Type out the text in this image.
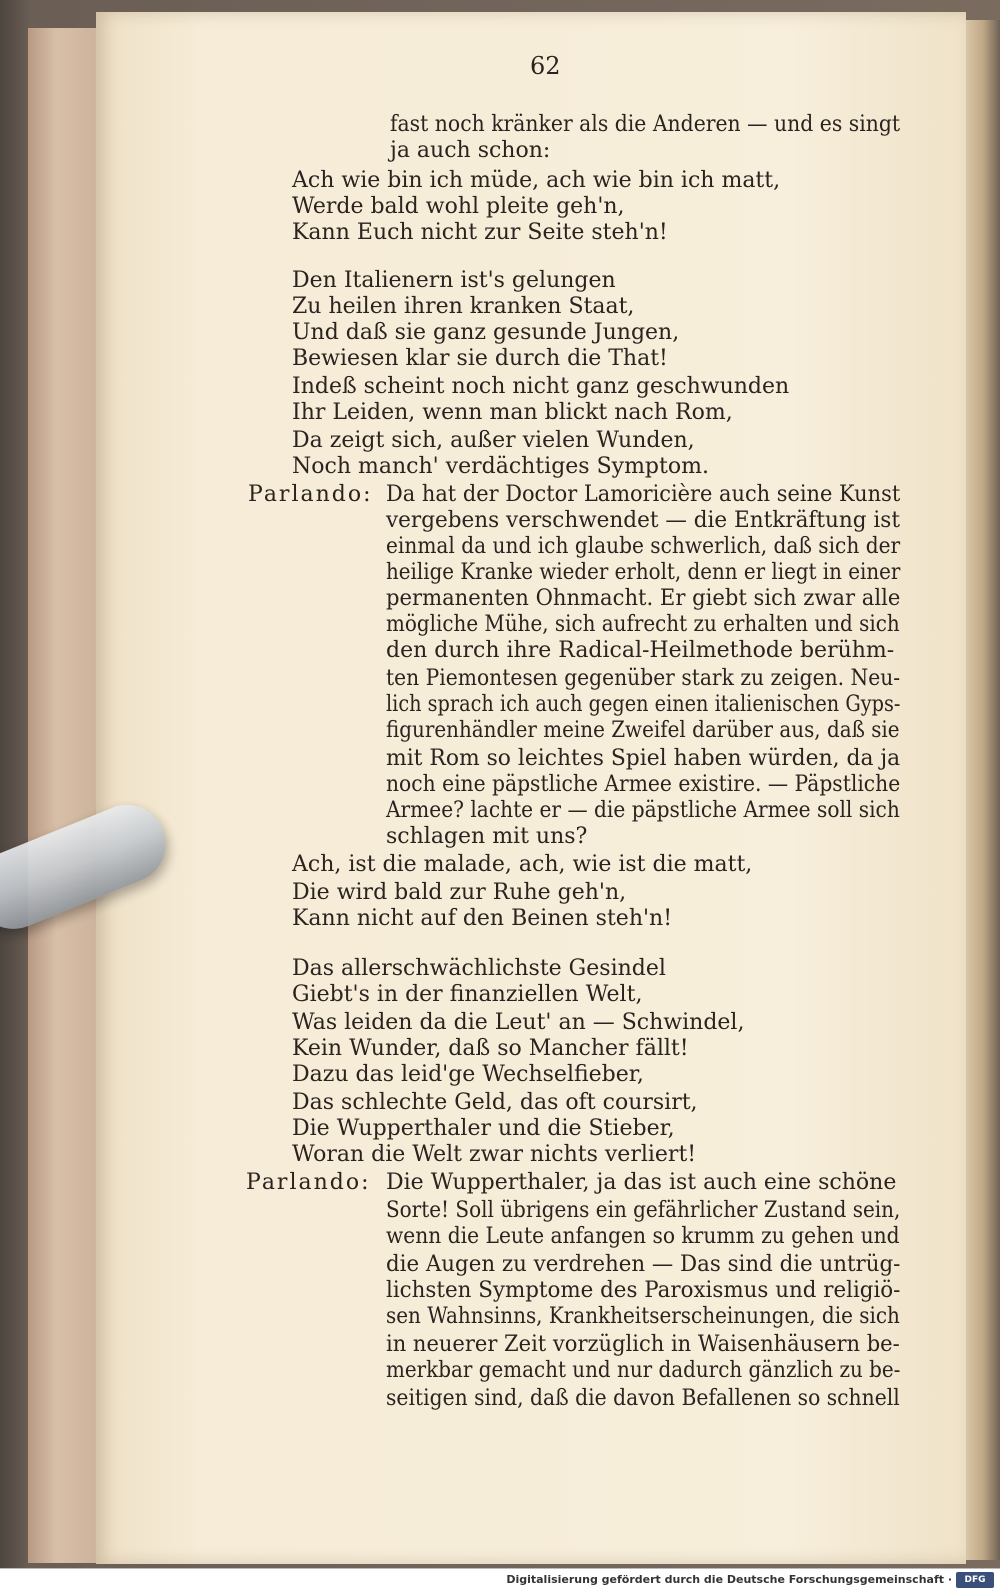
62
fast noch kränker als die Anderen — und es singt
ja auch schon:
Ach wie bin ich müde, ach wie bin ich matt,
Werde bald wohl pleite geh'n,
Kann Euch nicht zur Seite steh'n!
Den Italienern ist's gelungen
Zu heilen ihren kranken Staat,
Und daß sie ganz gesunde Jungen,
Bewiesen klar sie durch die That!
Indeß scheint noch nicht ganz geschwunden
Ihr Leiden, wenn man blickt nach Rom,
Da zeigt sich, außer vielen Wunden,
Noch manch' verdächtiges Symptom.
Da hat der Doctor Lamoricière auch seine Kunst
vergebens verschwendet — die Entkräftung ist
einmal da und ich glaube schwerlich, daß sich der
heilige Kranke wieder erholt, denn er liegt in einer
permanenten Ohnmacht. Er giebt sich zwar alle
mögliche Mühe, sich aufrecht zu erhalten und sich
den durch ihre Radical-Heilmethode berühm-
ten Piemontesen gegenüber stark zu zeigen. Neu-
lich sprach ich auch gegen einen italienischen Gyps-
figurenhändler meine Zweifel darüber aus, daß sie
mit Rom so leichtes Spiel haben würden, da ja
noch eine päpstliche Armee existire. — Päpstliche
Armee? lachte er — die päpstliche Armee soll sich
schlagen mit uns?
Ach, ist die malade, ach, wie ist die matt,
Die wird bald zur Ruhe geh'n,
Kann nicht auf den Beinen steh'n!
Das allerschwächlichste Gesindel
Giebt's in der finanziellen Welt,
Was leiden da die Leut' an — Schwindel,
Kein Wunder, daß so Mancher fällt!
Dazu das leid'ge Wechselfieber,
Das schlechte Geld, das oft coursirt,
Die Wupperthaler und die Stieber,
Woran die Welt zwar nichts verliert!
Die Wupperthaler, ja das ist auch eine schöne
Sorte! Soll übrigens ein gefährlicher Zustand sein,
wenn die Leute anfangen so krumm zu gehen und
die Augen zu verdrehen — Das sind die untrüg-
lichsten Symptome des Paroxismus und religiö-
sen Wahnsinns, Krankheitserscheinungen, die sich
in neuerer Zeit vorzüglich in Waisenhäusern be-
merkbar gemacht und nur dadurch gänzlich zu be-
seitigen sind, daß die davon Befallenen so schnell
Parlando:
Parlando:
Digitalisierung gefördert durch die Deutsche Forschungsgemeinschaft ·	DFG
